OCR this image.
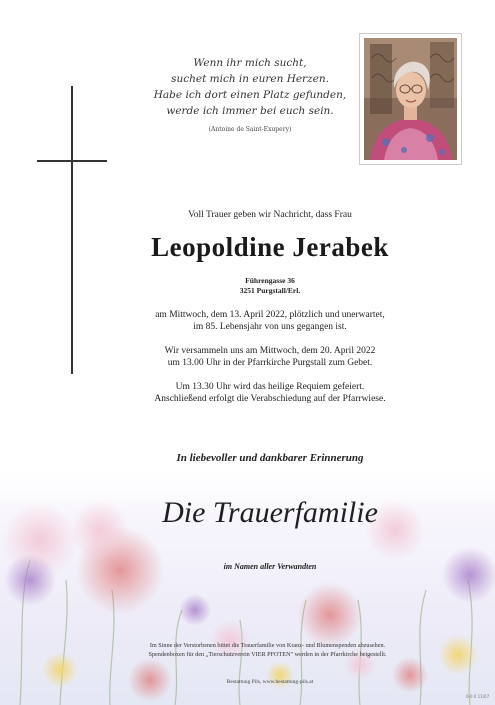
Wenn ihr mich sucht,
suchet mich in euren Herzen.
Habe ich dort einen Platz gefunden,
werde ich immer bei euch sein.
(Antoine de Saint-Exupery)
Voll Trauer geben wir Nachricht, dass Frau
Leopoldine Jerabek
Führengasse 36
3251 Purgstall/Erl.
am Mittwoch, dem 13. April 2022, plötzlich und unerwartet,
im 85. Lebensjahr von uns gegangen ist.
Wir versammeln uns am Mittwoch, dem 20. April 2022
um 13.00 Uhr in der Pfarrkirche Purgstall zum Gebet.
Um 13.30 Uhr wird das heilige Requiem gefeiert.
Anschließend erfolgt die Verabschiedung auf der Pfarrwiese.
In liebevoller und dankbarer Erinnerung
Die Trauerfamilie
im Namen aller Verwandten
Im Sinne der Verstorbenen bittet die Trauerfamilie von Kranz- und Blumenspenden abzusehen.
Spendenboxen für den „Tierschutzverein VIER PFOTEN" werden in der Pfarrkirche beigestellt.
Bestattung Pils, www.bestattung-pils.at
0-0 0 11/07
